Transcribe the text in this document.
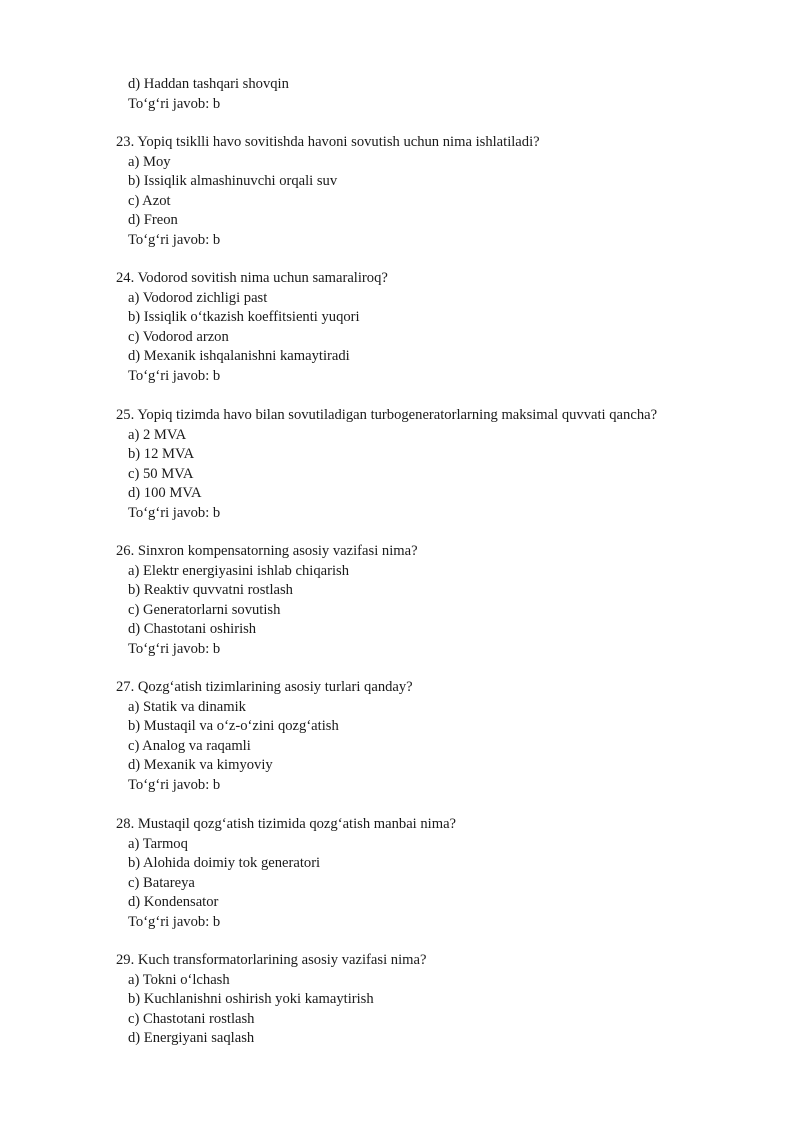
d) Haddan tashqari shovqin
To‘g‘ri javob: b
23. Yopiq tsiklli havo sovitishda havoni sovutish uchun nima ishlatiladi?
a) Moy
b) Issiqlik almashinuvchi orqali suv
c) Azot
d) Freon
To‘g‘ri javob: b
24. Vodorod sovitish nima uchun samaraliroq?
a) Vodorod zichligi past
b) Issiqlik o‘tkazish koeffitsienti yuqori
c) Vodorod arzon
d) Mexanik ishqalanishni kamaytiradi
To‘g‘ri javob: b
25. Yopiq tizimda havo bilan sovutiladigan turbogeneratorlarning maksimal quvvati qancha?
a) 2 MVA
b) 12 MVA
c) 50 MVA
d) 100 MVA
To‘g‘ri javob: b
26. Sinxron kompensatorning asosiy vazifasi nima?
a) Elektr energiyasini ishlab chiqarish
b) Reaktiv quvvatni rostlash
c) Generatorlarni sovutish
d) Chastotani oshirish
To‘g‘ri javob: b
27. Qozg‘atish tizimlarining asosiy turlari qanday?
a) Statik va dinamik
b) Mustaqil va o‘z-o‘zini qozg‘atish
c) Analog va raqamli
d) Mexanik va kimyoviy
To‘g‘ri javob: b
28. Mustaqil qozg‘atish tizimida qozg‘atish manbai nima?
a) Tarmoq
b) Alohida doimiy tok generatori
c) Batareya
d) Kondensator
To‘g‘ri javob: b
29. Kuch transformatorlarining asosiy vazifasi nima?
a) Tokni o‘lchash
b) Kuchlanishni oshirish yoki kamaytirish
c) Chastotani rostlash
d) Energiyani saqlash
